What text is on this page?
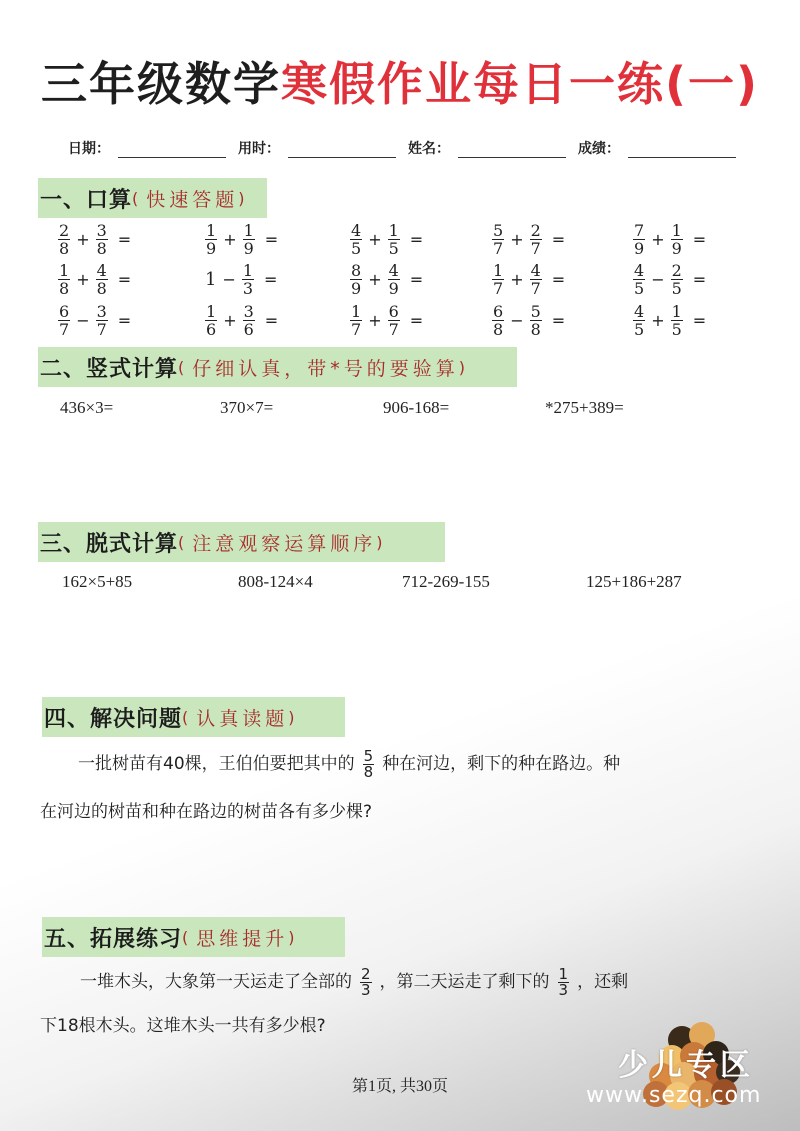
三年级数学寒假作业每日一练(一)
日期：	用时：	姓名：	成绩：
一、口算 ( 快速答题 )
$\frac{2}{8} + \frac{3}{8}$ =	$\frac{1}{9} + \frac{1}{9}$ =	$\frac{4}{5} + \frac{1}{5}$ =	$\frac{5}{7} + \frac{2}{7}$ =	$\frac{7}{9} + \frac{1}{9}$ =
$\frac{1}{8} + \frac{4}{8}$ =	$1 - \frac{1}{3}$ =	$\frac{8}{9} + \frac{4}{9}$ =	$\frac{1}{7} + \frac{4}{7}$ =	$\frac{4}{5} - \frac{2}{5}$ =
$\frac{6}{7} - \frac{3}{7}$ =	$\frac{1}{6} + \frac{3}{6}$ =	$\frac{1}{7} + \frac{6}{7}$ =	$\frac{6}{8} - \frac{5}{8}$ =	$\frac{4}{5} + \frac{1}{5}$ =
二、竖式计算 ( 仔细认真，带*号的要验算 )
436×3=	370×7=	906-168=	*275+389=
三、脱式计算 ( 注意观察运算顺序 )
162×5+85	808-124×4	712-269-155	125+186+287
四、解决问题 ( 认真读题 )
一批树苗有40棵，王伯伯要把其中的 $\frac{5}{8}$ 种在河边，剩下的种在路边。种
在河边的树苗和种在路边的树苗各有多少棵?
五、拓展练习 ( 思维提升 )
一堆木头，大象第一天运走了全部的 $\frac{2}{3}$ ，第二天运走了剩下的 $\frac{1}{3}$ ，还剩
下18根木头。这堆木头一共有多少根?
少儿专区
www.sezq.com
第1页, 共30页
